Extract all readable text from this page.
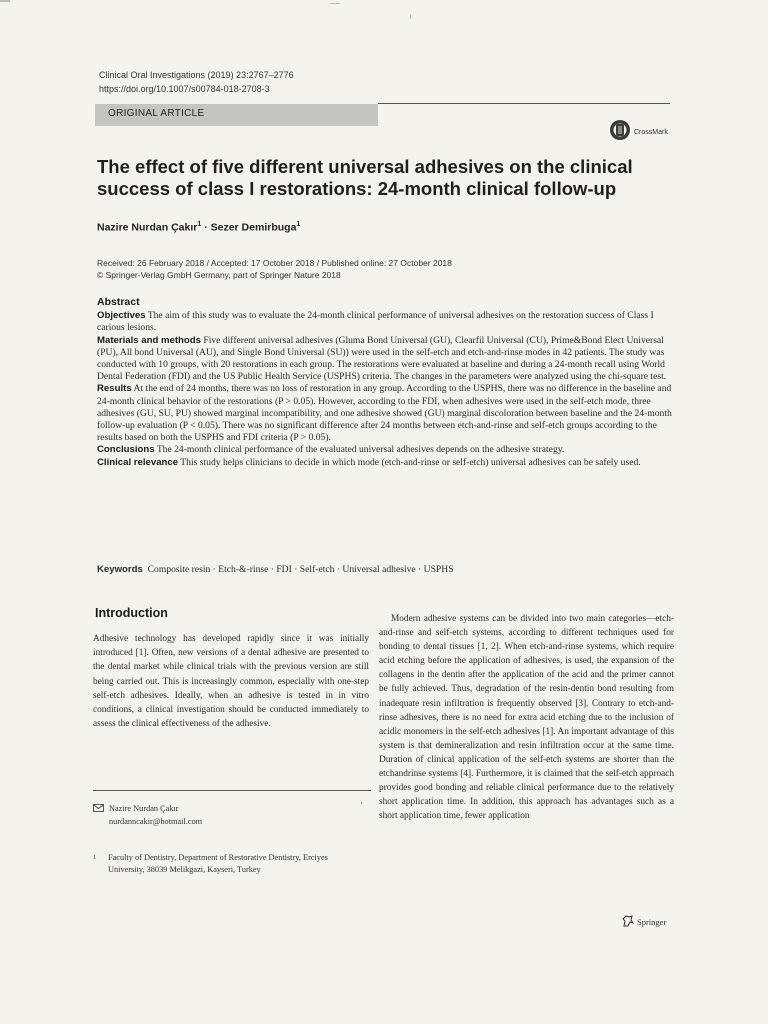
Clinical Oral Investigations (2019) 23:2767–2776
https://doi.org/10.1007/s00784-018-2708-3
ORIGINAL ARTICLE
CrossMark
The effect of five different universal adhesives on the clinical success of class I restorations: 24-month clinical follow-up
Nazire Nurdan Çakır$^1$ · Sezer Demirbuga$^1$
Received: 26 February 2018 / Accepted: 17 October 2018 / Published online: 27 October 2018
© Springer-Verlag GmbH Germany, part of Springer Nature 2018
Abstract

Objectives The aim of this study was to evaluate the 24-month clinical performance of universal adhesives on the restoration success of Class I carious lesions.

Materials and methods Five different universal adhesives (Gluma Bond Universal (GU), Clearfil Universal (CU), Prime&Bond Elect Universal (PU), All bond Universal (AU), and Single Bond Universal (SU)) were used in the self-etch and etch-and-rinse modes in 42 patients. The study was conducted with 10 groups, with 20 restorations in each group. The restorations were evaluated at baseline and during a 24-month recall using World Dental Federation (FDI) and the US Public Health Service (USPHS) criteria. The changes in the parameters were analyzed using the chi-square test.

Results At the end of 24 months, there was no loss of restoration in any group. According to the USPHS, there was no difference in the baseline and 24-month clinical behavior of the restorations (P > 0.05). However, according to the FDI, when adhesives were used in the self-etch mode, three adhesives (GU, SU, PU) showed marginal incompatibility, and one adhesive showed (GU) marginal discoloration between baseline and the 24-month follow-up evaluation (P < 0.05). There was no significant difference after 24 months between etch-and-rinse and self-etch groups according to the results based on both the USPHS and FDI criteria (P > 0.05).

Conclusions The 24-month clinical performance of the evaluated universal adhesives depends on the adhesive strategy.

Clinical relevance This study helps clinicians to decide in which mode (etch-and-rinse or self-etch) universal adhesives can be safely used.

Keywords Composite resin · Etch-&-rinse · FDI · Self-etch · Universal adhesive · USPHS
Introduction

Adhesive technology has developed rapidly since it was initially introduced [1]. Often, new versions of a dental adhesive are presented to the dental market while clinical trials with the previous version are still being carried out. This is increasingly common, especially with one-step self-etch adhesives. Ideally, when an adhesive is tested in in vitro conditions, a clinical investigation should be conducted immediately to assess the clinical effectiveness of the adhesive.

Modern adhesive systems can be divided into two main categories—etch-and-rinse and self-etch systems, according to different techniques used for bonding to dental tissues [1, 2]. When etch-and-rinse systems, which require acid etching before the application of adhesives, is used, the expansion of the collagens in the dentin after the application of the acid and the primer cannot be fully achieved. Thus, degradation of the resin-dentin bond resulting from inadequate resin infiltration is frequently observed [3]. Contrary to etch-and-rinse adhesives, there is no need for extra acid etching due to the inclusion of acidic monomers in the self-etch adhesives [1]. An important advantage of this system is that demineralization and resin infiltration occur at the same time. Duration of clinical application of the self-etch systems are shorter than the etchandrinse systems [4]. Furthermore, it is claimed that the self-etch approach provides good bonding and reliable clinical performance due to the relatively short application time. In addition, this approach has advantages such as a short application time, fewer application

·
Nazire Nurdan Çakır
nurdanncakir@hotmail.com
$^1$ Faculty of Dentistry, Department of Restorative Dentistry, Erciyes University, 38039 Melikgazi, Kayseri, Turkey
Springer
